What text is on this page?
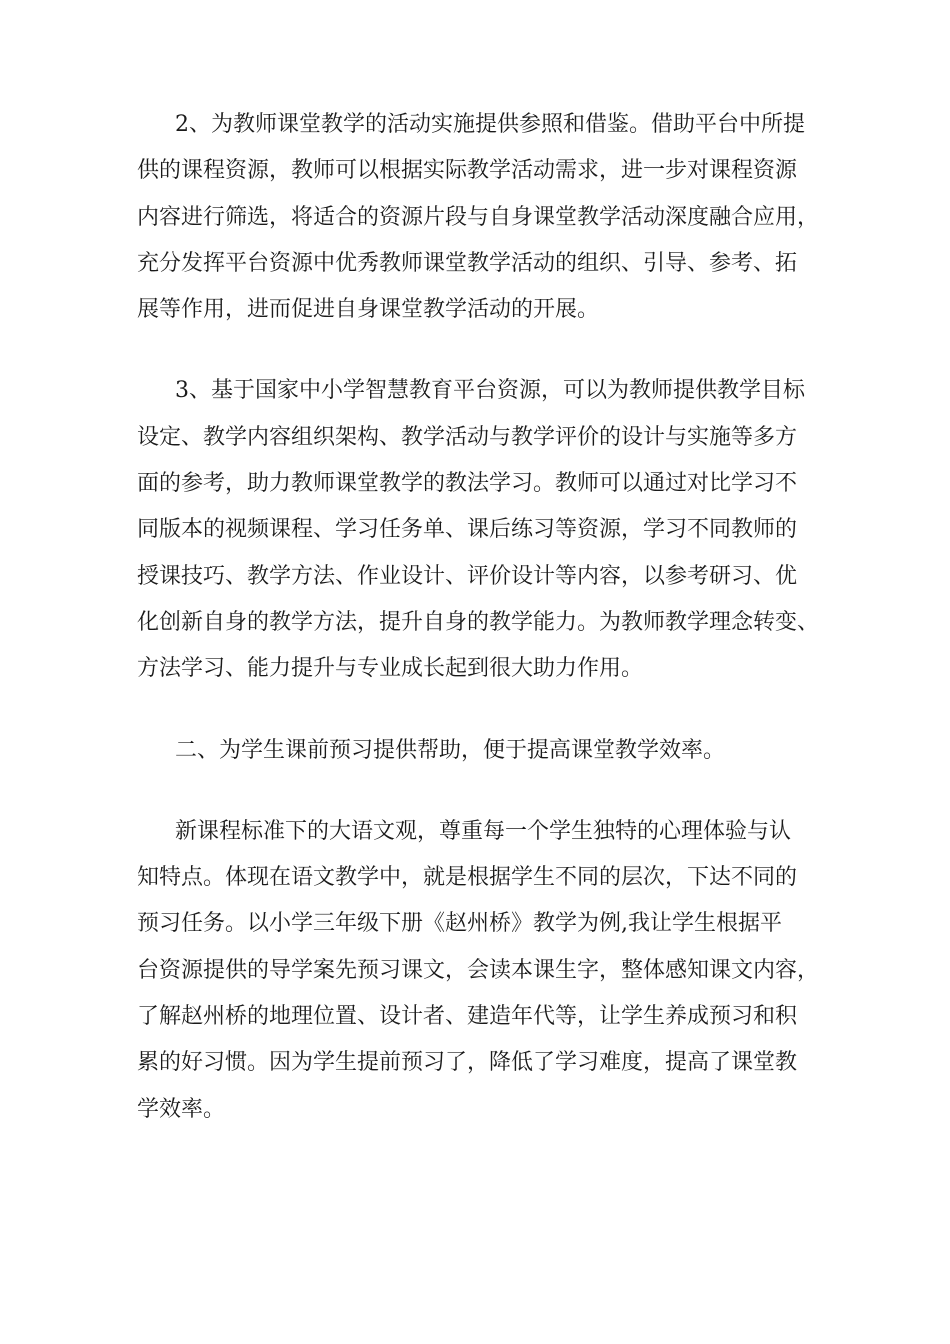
2、为教师课堂教学的活动实施提供参照和借鉴。借助平台中所提
供的课程资源，教师可以根据实际教学活动需求，进一步对课程资源
内容进行筛选，将适合的资源片段与自身课堂教学活动深度融合应用，
充分发挥平台资源中优秀教师课堂教学活动的组织、引导、参考、拓
展等作用，进而促进自身课堂教学活动的开展。

3、基于国家中小学智慧教育平台资源，可以为教师提供教学目标
设定、教学内容组织架构、教学活动与教学评价的设计与实施等多方
面的参考，助力教师课堂教学的教法学习。教师可以通过对比学习不
同版本的视频课程、学习任务单、课后练习等资源，学习不同教师的
授课技巧、教学方法、作业设计、评价设计等内容，以参考研习、优
化创新自身的教学方法，提升自身的教学能力。为教师教学理念转变、
方法学习、能力提升与专业成长起到很大助力作用。

二、为学生课前预习提供帮助，便于提高课堂教学效率。

新课程标准下的大语文观，尊重每一个学生独特的心理体验与认
知特点。体现在语文教学中，就是根据学生不同的层次，下达不同的
预习任务。以小学三年级下册《赵州桥》教学为例,我让学生根据平
台资源提供的导学案先预习课文，会读本课生字，整体感知课文内容，
了解赵州桥的地理位置、设计者、建造年代等，让学生养成预习和积
累的好习惯。因为学生提前预习了，降低了学习难度，提高了课堂教
学效率。
